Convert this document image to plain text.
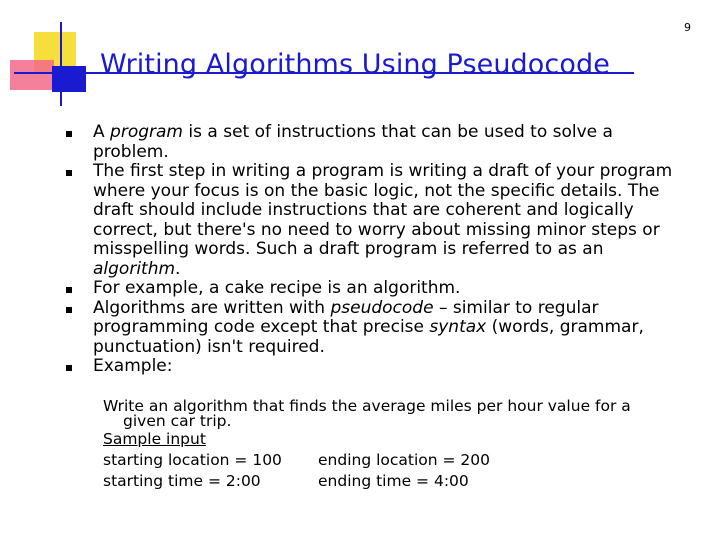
9
Writing Algorithms Using Pseudocode
A program is a set of instructions that can be used to solve a problem.
The first step in writing a program is writing a draft of your program where your focus is on the basic logic, not the specific details. The draft should include instructions that are coherent and logically correct, but there's no need to worry about missing minor steps or misspelling words. Such a draft program is referred to as an algorithm.
For example, a cake recipe is an algorithm.
Algorithms are written with pseudocode – similar to regular programming code except that precise syntax (words, grammar, punctuation) isn't required.
Example:
Write an algorithm that finds the average miles per hour value for a
given car trip.
Sample input
starting location = 100	ending location = 200
starting time = 2:00	ending time = 4:00
